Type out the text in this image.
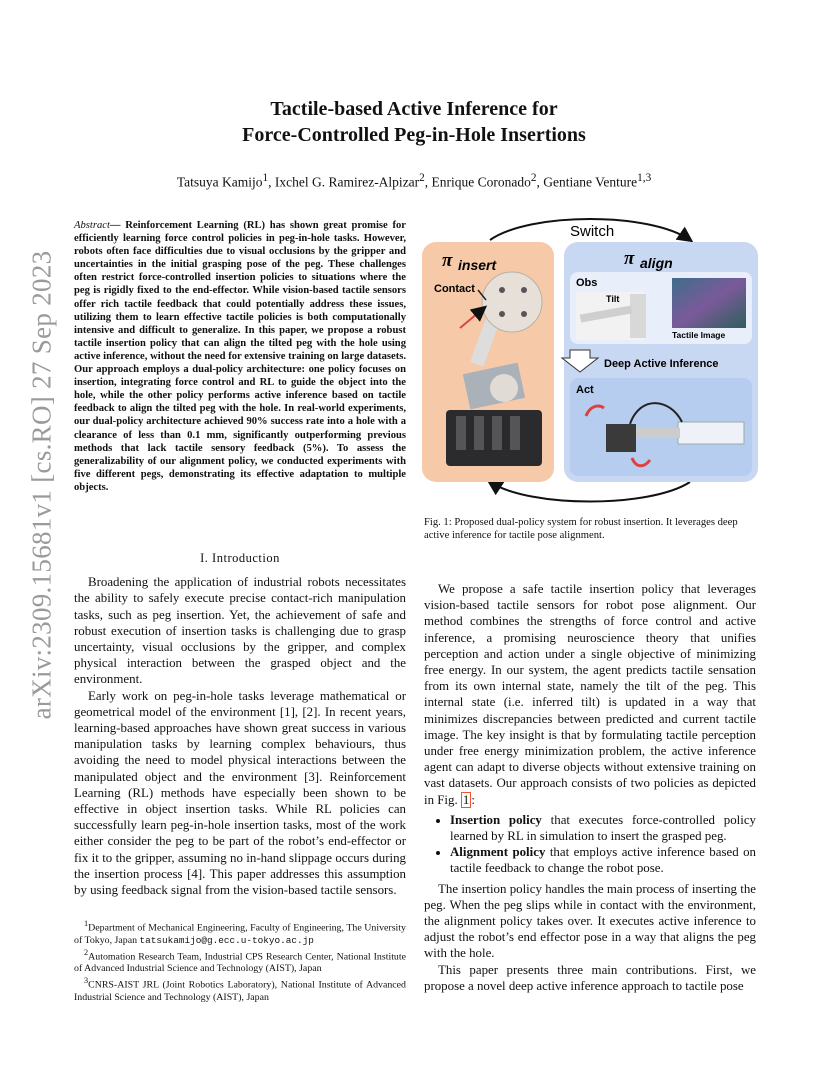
arXiv:2309.15681v1 [cs.RO] 27 Sep 2023
Tactile-based Active Inference for
Force-Controlled Peg-in-Hole Insertions
Tatsuya Kamijo$^1$, Ixchel G. Ramirez-Alpizar$^2$, Enrique Coronado$^2$, Gentiane Venture$^{1,3}$
Abstract— Reinforcement Learning (RL) has shown great promise for efficiently learning force control policies in peg-in-hole tasks. However, robots often face difficulties due to visual occlusions by the gripper and uncertainties in the initial grasping pose of the peg. These challenges often restrict force-controlled insertion policies to situations where the peg is rigidly fixed to the end-effector. While vision-based tactile sensors offer rich tactile feedback that could potentially address these issues, utilizing them to learn effective tactile policies is both computationally intensive and difficult to generalize. In this paper, we propose a robust tactile insertion policy that can align the tilted peg with the hole using active inference, without the need for extensive training on large datasets. Our approach employs a dual-policy architecture: one policy focuses on insertion, integrating force control and RL to guide the object into the hole, while the other policy performs active inference based on tactile feedback to align the tilted peg with the hole. In real-world experiments, our dual-policy architecture achieved 90% success rate into a hole with a clearance of less than 0.1 mm, significantly outperforming previous methods that lack tactile sensory feedback (5%). To assess the generalizability of our alignment policy, we conducted experiments with five different pegs, demonstrating its effective adaptation to multiple objects.
I. Introduction

Broadening the application of industrial robots necessitates the ability to safely execute precise contact-rich manipulation tasks, such as peg insertion. Yet, the achievement of safe and robust execution of insertion tasks is challenging due to grasp uncertainty, visual occlusions by the gripper, and complex physical interaction between the grasped object and the environment.

Early work on peg-in-hole tasks leverage mathematical or geometrical model of the environment [1], [2]. In recent years, learning-based approaches have shown great success in various manipulation tasks by learning complex behaviours, thus avoiding the need to model physical interactions between the manipulated object and the environment [3]. Reinforcement Learning (RL) methods have especially been shown to be effective in object insertion tasks. While RL policies can successfully learn peg-in-hole insertion tasks, most of the work either consider the peg to be part of the robot’s end-effector or fix it to the gripper, assuming no in-hand slippage occurs during the insertion process [4]. This paper addresses this assumption by using feedback signal from the vision-based tactile sensors.

$^1$Department of Mechanical Engineering, Faculty of Engineering, The University of Tokyo, Japan tatsukamijo@g.ecc.u-tokyo.ac.jp
$^2$Automation Research Team, Industrial CPS Research Center, National Institute of Advanced Industrial Science and Technology (AIST), Japan
$^3$CNRS-AIST JRL (Joint Robotics Laboratory), National Institute of Advanced Industrial Science and Technology (AIST), Japan
Switch
π insert
Contact
π align
Obs
Tilt
Tactile Image
Deep Active Inference
Act
Fig. 1: Proposed dual-policy system for robust insertion. It leverages deep active inference for tactile pose alignment.

We propose a safe tactile insertion policy that leverages vision-based tactile sensors for robot pose alignment. Our method combines the strengths of force control and active inference, a promising neuroscience theory that unifies perception and action under a single objective of minimizing free energy. In our system, the agent predicts tactile sensation from its own internal state, namely the tilt of the peg. This internal state (i.e. inferred tilt) is updated in a way that minimizes discrepancies between predicted and current tactile image. The key insight is that by formulating tactile perception under free energy minimization problem, the active inference agent can adapt to diverse objects without extensive training on vast datasets. Our approach consists of two policies as depicted in Fig. 1 :

• Insertion policy that executes force-controlled policy learned by RL in simulation to insert the grasped peg.
• Alignment policy that employs active inference based on tactile feedback to change the robot pose.

The insertion policy handles the main process of inserting the peg. When the peg slips while in contact with the environment, the alignment policy takes over. It executes active inference to adjust the robot’s end effector pose in a way that aligns the peg with the hole.

This paper presents three main contributions. First, we propose a novel deep active inference approach to tactile pose
